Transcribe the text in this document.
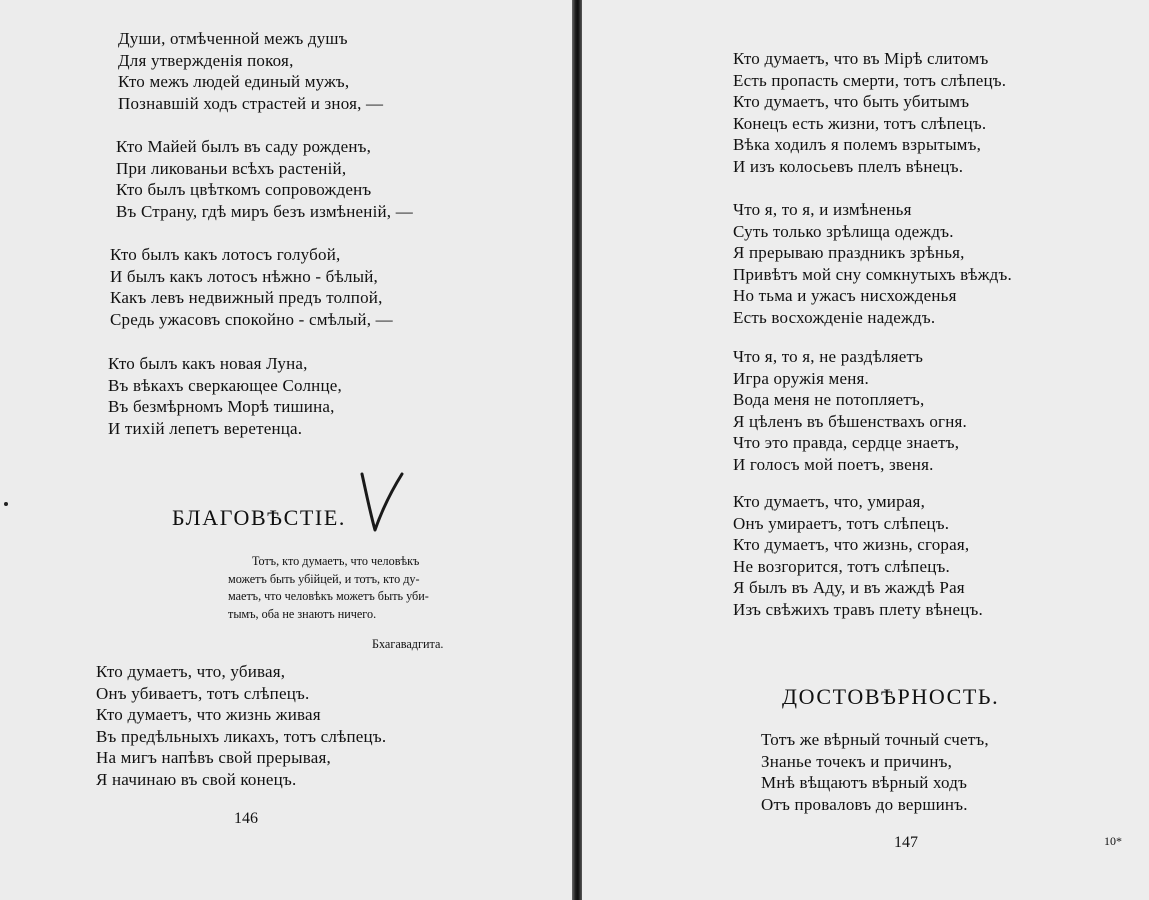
Души, отмѣченной межъ душъ
Для утвержденія покоя,
Кто межъ людей единый мужъ,
Познавшій ходъ страстей и зноя, —
Кто Майей былъ въ саду рожденъ,
При ликованьи всѣхъ растеній,
Кто былъ цвѣткомъ сопровожденъ
Въ Страну, гдѣ миръ безъ измѣненій, —
Кто былъ какъ лотосъ голубой,
И былъ какъ лотосъ нѣжно - бѣлый,
Какъ левъ недвижный предъ толпой,
Средь ужасовъ спокойно - смѣлый, —
Кто былъ какъ новая Луна,
Въ вѣкахъ сверкающее Солнце,
Въ безмѣрномъ Морѣ тишина,
И тихій лепетъ веретенца.
БЛАГОВѢСТІЕ.
Тотъ, кто думаетъ, что человѣкъ
можетъ быть убійцей, и тотъ, кто ду-
маетъ, что человѣкъ можетъ быть уби-
тымъ, оба не знаютъ ничего.
Бхагавадгита.
Кто думаетъ, что, убивая,
Онъ убиваетъ, тотъ слѣпецъ.
Кто думаетъ, что жизнь живая
Въ предѣльныхъ ликахъ, тотъ слѣпецъ.
На мигъ напѣвъ свой прерывая,
Я начинаю въ свой конецъ.
146
Кто думаетъ, что въ Мірѣ слитомъ
Есть пропасть смерти, тотъ слѣпецъ.
Кто думаетъ, что быть убитымъ
Конецъ есть жизни, тотъ слѣпецъ.
Вѣка ходилъ я полемъ взрытымъ,
И изъ колосьевъ плелъ вѣнецъ.
Что я, то я, и измѣненья
Суть только зрѣлища одеждъ.
Я прерываю праздникъ зрѣнья,
Привѣтъ мой сну сомкнутыхъ вѣждъ.
Но тьма и ужасъ нисхожденья
Есть восхожденіе надеждъ.
Что я, то я, не раздѣляетъ
Игра оружія меня.
Вода меня не потопляетъ,
Я цѣленъ въ бѣшенствахъ огня.
Что это правда, сердце знаетъ,
И голосъ мой поетъ, звеня.
Кто думаетъ, что, умирая,
Онъ умираетъ, тотъ слѣпецъ.
Кто думаетъ, что жизнь, сгорая,
Не возгорится, тотъ слѣпецъ.
Я былъ въ Аду, и въ жаждѣ Рая
Изъ свѣжихъ травъ плету вѣнецъ.
ДОСТОВѢРНОСТЬ.
Тотъ же вѣрный точный счетъ,
Знанье точекъ и причинъ,
Мнѣ вѣщаютъ вѣрный ходъ
Отъ проваловъ до вершинъ.
147	10*
